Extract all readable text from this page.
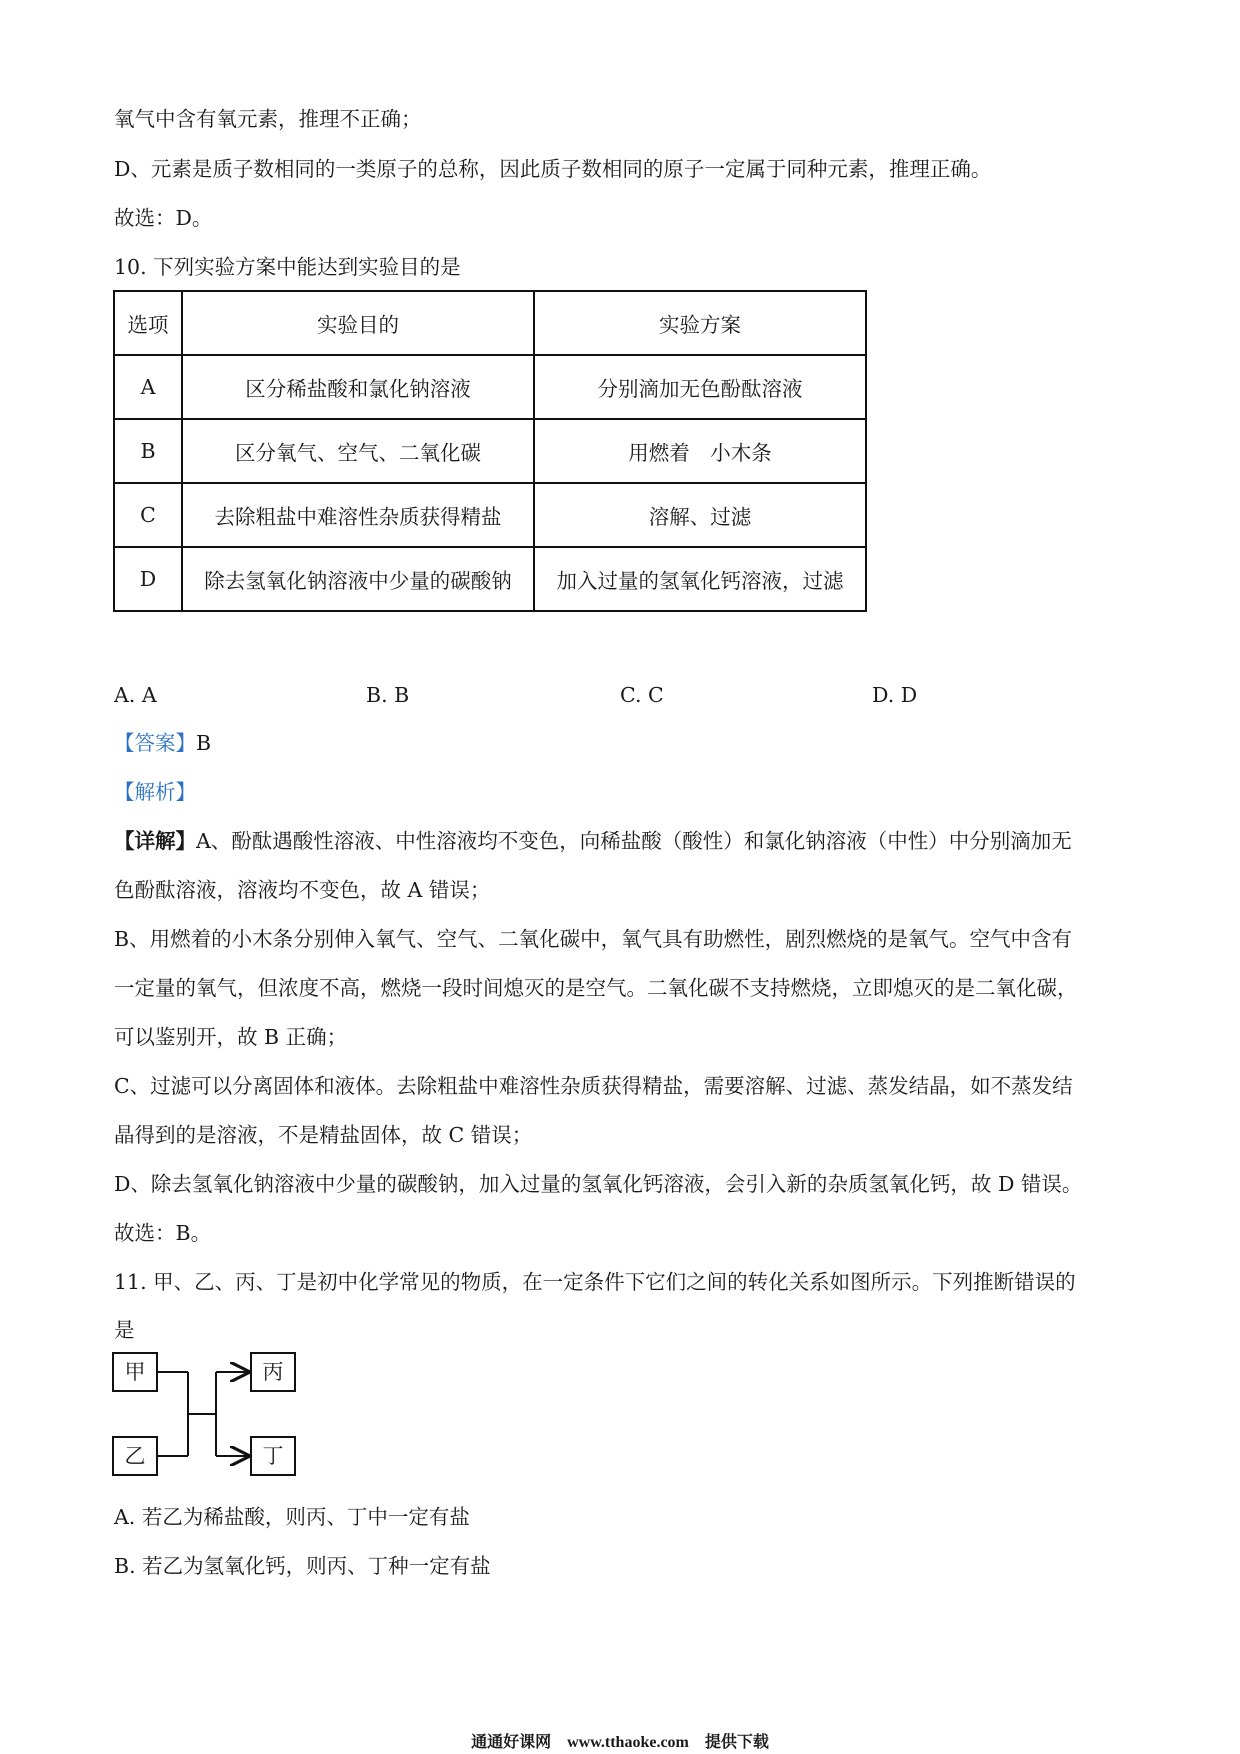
氧气中含有氧元素，推理不正确；
D、元素是质子数相同的一类原子的总称，因此质子数相同的原子一定属于同种元素，推理正确。
故选：D。
10. 下列实验方案中能达到实验目的是
选项	实验目的	实验方案
A	区分稀盐酸和氯化钠溶液	分别滴加无色酚酞溶液
B	区分氧气、空气、二氧化碳	用燃着　小木条
C	去除粗盐中难溶性杂质获得精盐	溶解、过滤
D	除去氢氧化钠溶液中少量的碳酸钠	加入过量的氢氧化钙溶液，过滤
A. A	B. B	C. C	D. D
【答案】B
【解析】
【详解】A、酚酞遇酸性溶液、中性溶液均不变色，向稀盐酸（酸性）和氯化钠溶液（中性）中分别滴加无
色酚酞溶液，溶液均不变色，故 A 错误；
B、用燃着的小木条分别伸入氧气、空气、二氧化碳中，氧气具有助燃性，剧烈燃烧的是氧气。空气中含有
一定量的氧气，但浓度不高，燃烧一段时间熄灭的是空气。二氧化碳不支持燃烧，立即熄灭的是二氧化碳，
可以鉴别开，故 B 正确；
C、过滤可以分离固体和液体。去除粗盐中难溶性杂质获得精盐，需要溶解、过滤、蒸发结晶，如不蒸发结
晶得到的是溶液，不是精盐固体，故 C 错误；
D、除去氢氧化钠溶液中少量的碳酸钠，加入过量的氢氧化钙溶液，会引入新的杂质氢氧化钙，故 D 错误。
故选：B。
11. 甲、乙、丙、丁是初中化学常见的物质，在一定条件下它们之间的转化关系如图所示。下列推断错误的
是
甲
乙
丙
丁
A. 若乙为稀盐酸，则丙、丁中一定有盐
B. 若乙为氢氧化钙，则丙、丁种一定有盐
通通好课网　www.tthaoke.com　提供下载
